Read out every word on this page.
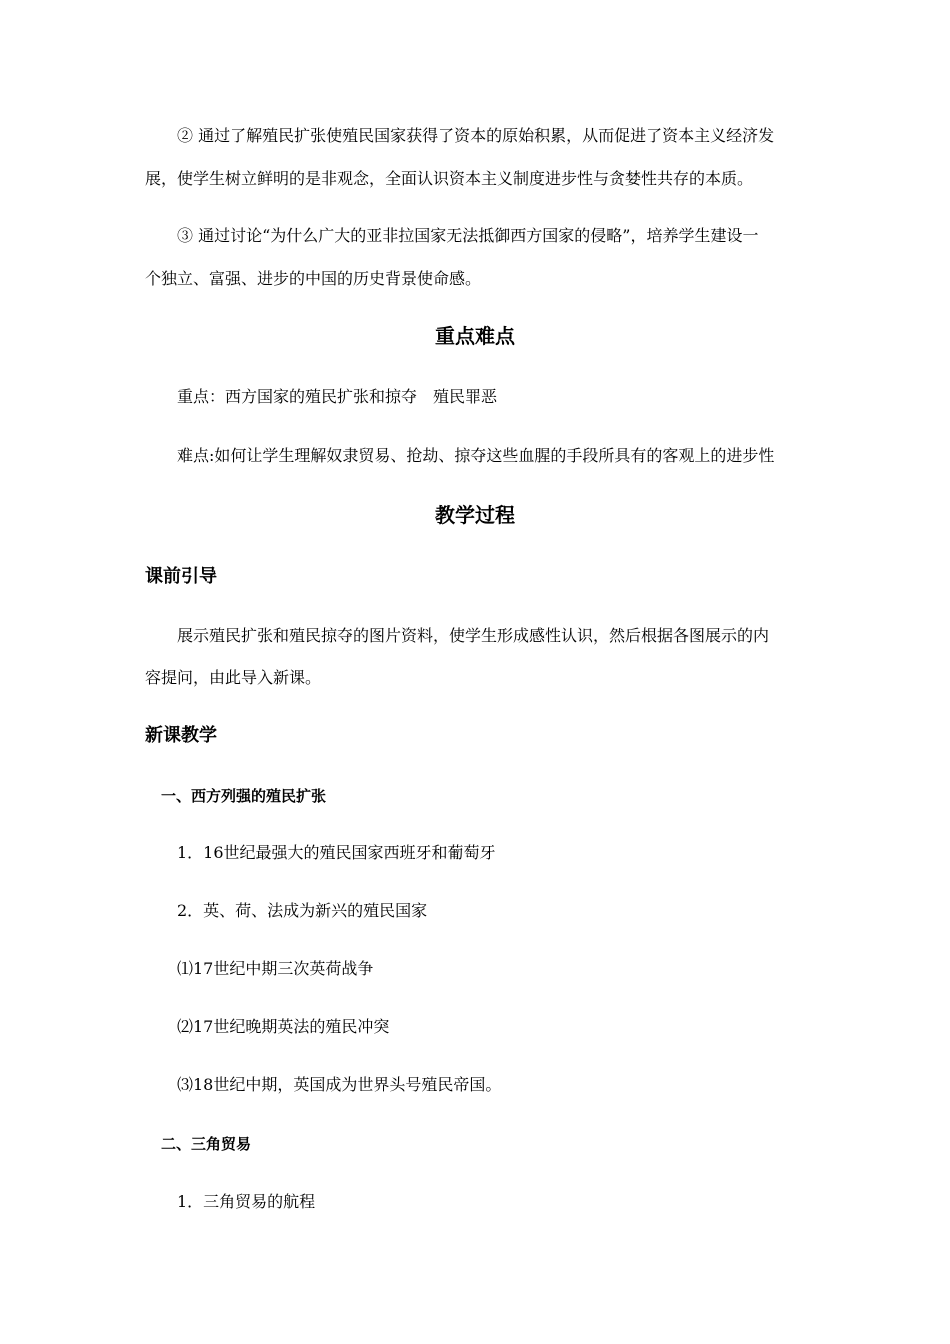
② 通过了解殖民扩张使殖民国家获得了资本的原始积累，从而促进了资本主义经济发

展，使学生树立鲜明的是非观念，全面认识资本主义制度进步性与贪婪性共存的本质。

③ 通过讨论“为什么广大的亚非拉国家无法抵御西方国家的侵略”，培养学生建设一

个独立、富强、进步的中国的历史背景使命感。

重点难点

重点：西方国家的殖民扩张和掠夺　殖民罪恶

难点:如何让学生理解奴隶贸易、抢劫、掠夺这些血腥的手段所具有的客观上的进步性

教学过程
课前引导

展示殖民扩张和殖民掠夺的图片资料，使学生形成感性认识，然后根据各图展示的内

容提问，由此导入新课。

新课教学
一、西方列强的殖民扩张

1．16世纪最强大的殖民国家西班牙和葡萄牙

2．英、荷、法成为新兴的殖民国家

⑴17世纪中期三次英荷战争

⑵17世纪晚期英法的殖民冲突

⑶18世纪中期，英国成为世界头号殖民帝国。

二、三角贸易

1．三角贸易的航程
